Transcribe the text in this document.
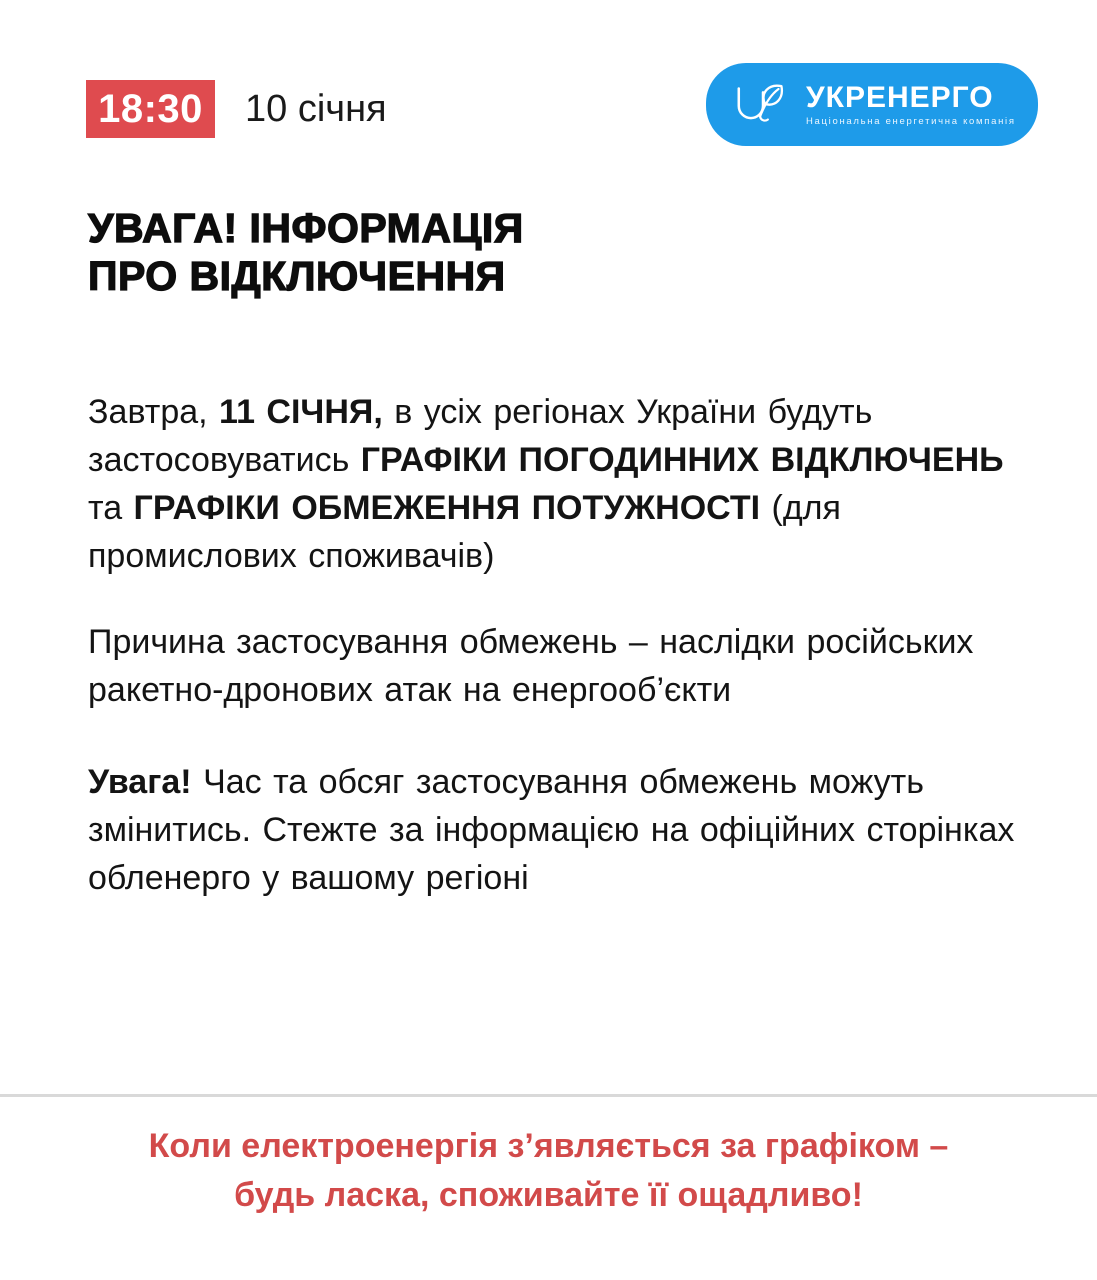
18:30	10 січня	УКРЕНЕРГО
Національна енергетична компанія
УВАГА! ІНФОРМАЦІЯ
ПРО ВІДКЛЮЧЕННЯ

Завтра, 11 СІЧНЯ, в усіх регіонах України будуть застосовуватись ГРАФІКИ ПОГОДИННИХ ВІДКЛЮЧЕНЬ та ГРАФІКИ ОБМЕЖЕННЯ ПОТУЖНОСТІ (для промислових споживачів)

Причина застосування обмежень – наслідки російських ракетно-дронових атак на енергооб’єкти

Увага! Час та обсяг застосування обмежень можуть змінитись. Стежте за інформацією на офіційних сторінках обленерго у вашому регіоні

Коли електроенергія з’являється за графіком –
будь ласка, споживайте її ощадливо!
